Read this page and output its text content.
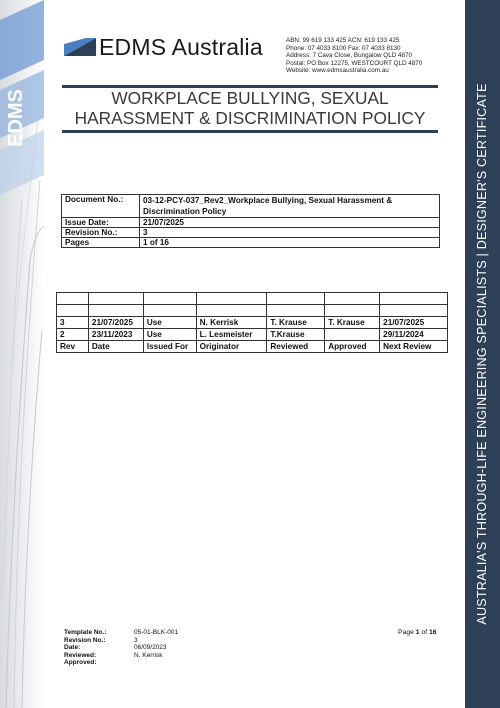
EDMS	AUSTRALIA'S THROUGH-LIFE ENGINEERING SPECIALISTS | DESIGNER'S CERTIFICATE
EDMS Australia	ABN: 99 619 133 425 ACN: 619 133 425
Phone: 07 4033 8100 Fax: 07 4033 8130
Address: 7 Cava Close, Bungalow QLD 4870
Postal: PO Box 12275, WESTCOURT QLD 4870
Website: www.edmsaustralia.com.au
WORKPLACE BULLYING, SEXUAL
HARASSMENT & DISCRIMINATION POLICY
Document No.:	03-12-PCY-037_Rev2_Workplace Bullying, Sexual Harassment & Discrimination Policy
Issue Date:	21/07/2025
Revision No.:	3
Pages	1 of 16

3	21/07/2025	Use	N. Kerrisk	T. Krause	T. Krause	21/07/2025
2	23/11/2023	Use	L. Lesmeister	T.Krause		29/11/2024
Rev	Date	Issued For	Originator	Reviewed	Approved	Next Review
Template No.:	05-01-BLK-001
Revision No.:	3
Date:	06/09/2023
Reviewed:	N. Kerrisk
Approved:
Page 1 of 16
